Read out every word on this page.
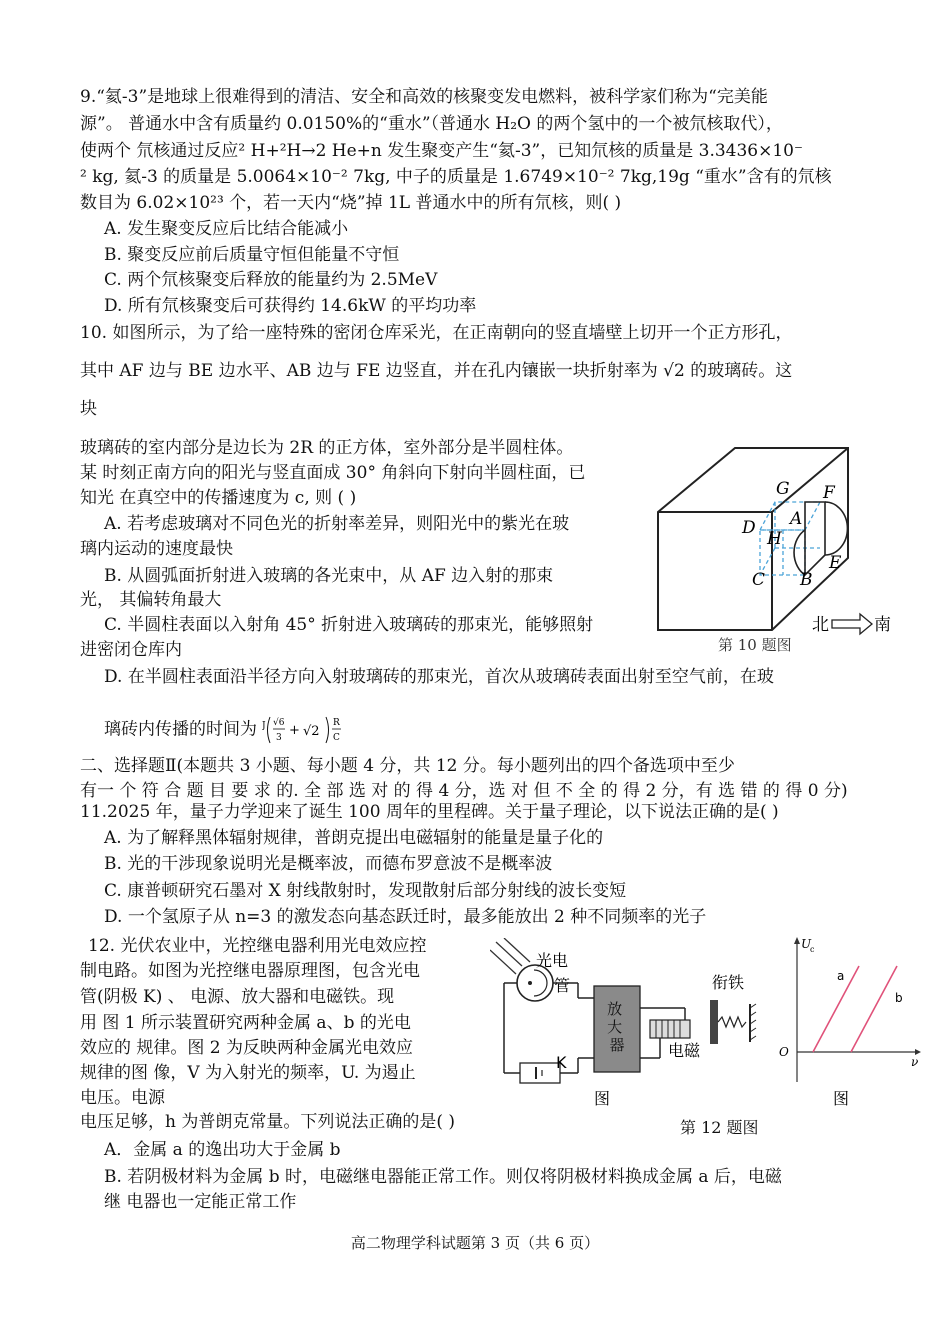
9.“氦-3”是地球上很难得到的清洁、安全和高效的核聚变发电燃料，被科学家们称为“完美能
源”。 普通水中含有质量约 0.0150%的“重水”（普通水 H₂O 的两个氢中的一个被氘核取代），
使两个 氘核通过反应² H+²H→2 He+n 发生聚变产生“氦-3”，已知氘核的质量是 3.3436×10⁻
² kg, 氦-3 的质量是 5.0064×10⁻² 7kg, 中子的质量是 1.6749×10⁻² 7kg,19g “重水”含有的氘核
数目为 6.02×10²³ 个，若一天内“烧”掉 1L 普通水中的所有氘核，则( )
A. 发生聚变反应后比结合能减小
B. 聚变反应前后质量守恒但能量不守恒
C. 两个氘核聚变后释放的能量约为 2.5MeV
D. 所有氘核聚变后可获得约 14.6kW 的平均功率
10. 如图所示，为了给一座特殊的密闭仓库采光，在正南朝向的竖直墙壁上切开一个正方形孔，
其中 AF 边与 BE 边水平、AB 边与 FE 边竖直，并在孔内镶嵌一块折射率为 √2 的玻璃砖。这
块
玻璃砖的室内部分是边长为 2R 的正方体，室外部分是半圆柱体。
某 时刻正南方向的阳光与竖直面成 30° 角斜向下射向半圆柱面，已
知光 在真空中的传播速度为 c, 则 ( )
A. 若考虑玻璃对不同色光的折射率差异，则阳光中的紫光在玻
璃内运动的速度最快
B. 从圆弧面折射进入玻璃的各光束中，从 AF 边入射的那束
光， 其偏转角最大
C. 半圆柱表面以入射角 45° 折射进入玻璃砖的那束光，能够照射
进密闭仓库内
D. 在半圆柱表面沿半径方向入射玻璃砖的那束光，首次从玻璃砖表面出射至空气前，在玻
璃砖内传播的时间为 J √6
3 + √2
R
C
G F
D A
H
E
C B
北	南
第 10 题图
二、选择题Ⅱ(本题共 3 小题、每小题 4 分，共 12 分。每小题列出的四个备选项中至少
有一 个 符 合 题 目 要 求 的. 全 部 选 对 的 得 4 分，选 对 但 不 全 的 得 2 分，有 选 错 的 得 0 分)
11.2025 年，量子力学迎来了诞生 100 周年的里程碑。关于量子理论，以下说法正确的是( )
A. 为了解释黑体辐射规律，普朗克提出电磁辐射的能量是量子化的
B. 光的干涉现象说明光是概率波，而德布罗意波不是概率波
C. 康普顿研究石墨对 X 射线散射时，发现散射后部分射线的波长变短
D. 一个氢原子从 n=3 的激发态向基态跃迁时，最多能放出 2 种不同频率的光子
12. 光伏农业中，光控继电器利用光电效应控
制电路。如图为光控继电器原理图，包含光电
管(阴极 K) 、 电源、放大器和电磁铁。现
用 图 1 所示装置研究两种金属 a、b 的光电
效应的 规律。图 2 为反映两种金属光电效应
规律的图 像，V 为入射光的频率，U. 为遏止
电压。电源
电压足够，h 为普朗克常量。下列说法正确的是( )
A．金属 a 的逸出功大于金属 b
B. 若阴极材料为金属 b 时，电磁继电器能正常工作。则仅将阴极材料换成金属 a 后，电磁
继 电器也一定能正常工作
光电
管
K
放 大 器	电磁
衔铁
图
U
c
ν
O
a
b
图
第 12 题图
高二物理学科试题第 3 页（共 6 页）
